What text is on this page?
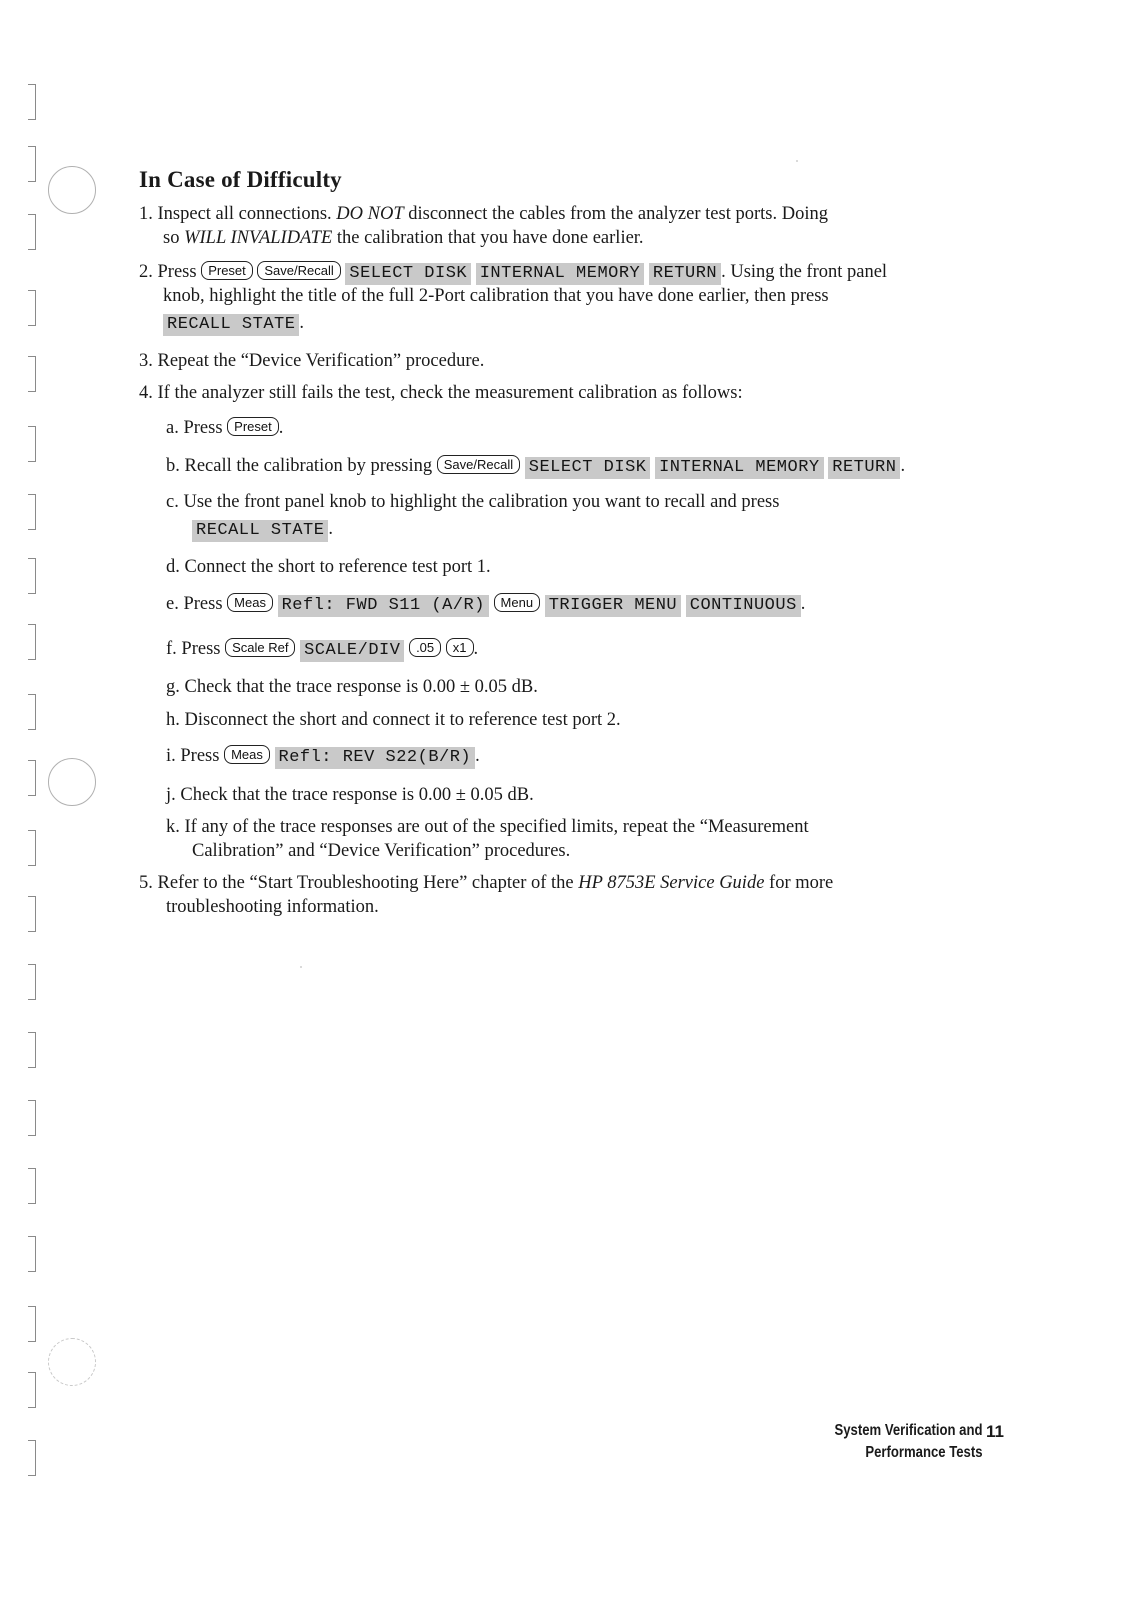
In Case of Difficulty
1. Inspect all connections. DO NOT disconnect the cables from the analyzer test ports. Doing
so WILL INVALIDATE the calibration that you have done earlier.
2. Press Preset Save/Recall SELECT DISK INTERNAL MEMORY RETURN . Using the front panel
knob, highlight the title of the full 2-Port calibration that you have done earlier, then press
RECALL STATE .
3. Repeat the “Device Verification” procedure.
4. If the analyzer still fails the test, check the measurement calibration as follows:
a. Press Preset .
b. Recall the calibration by pressing Save/Recall SELECT DISK INTERNAL MEMORY RETURN .
c. Use the front panel knob to highlight the calibration you want to recall and press
RECALL STATE .
d. Connect the short to reference test port 1.
e. Press Meas Refl: FWD S11 (A/R) Menu TRIGGER MENU CONTINUOUS .
f. Press Scale Ref SCALE/DIV .05 x1 .
g. Check that the trace response is 0.00 ± 0.05 dB.
h. Disconnect the short and connect it to reference test port 2.
i. Press Meas Refl: REV S22(B/R) .
j. Check that the trace response is 0.00 ± 0.05 dB.
k. If any of the trace responses are out of the specified limits, repeat the “Measurement
Calibration” and “Device Verification” procedures.
5. Refer to the “Start Troubleshooting Here” chapter of the HP 8753E Service Guide for more
troubleshooting information.
System Verification and
Performance Tests
11
